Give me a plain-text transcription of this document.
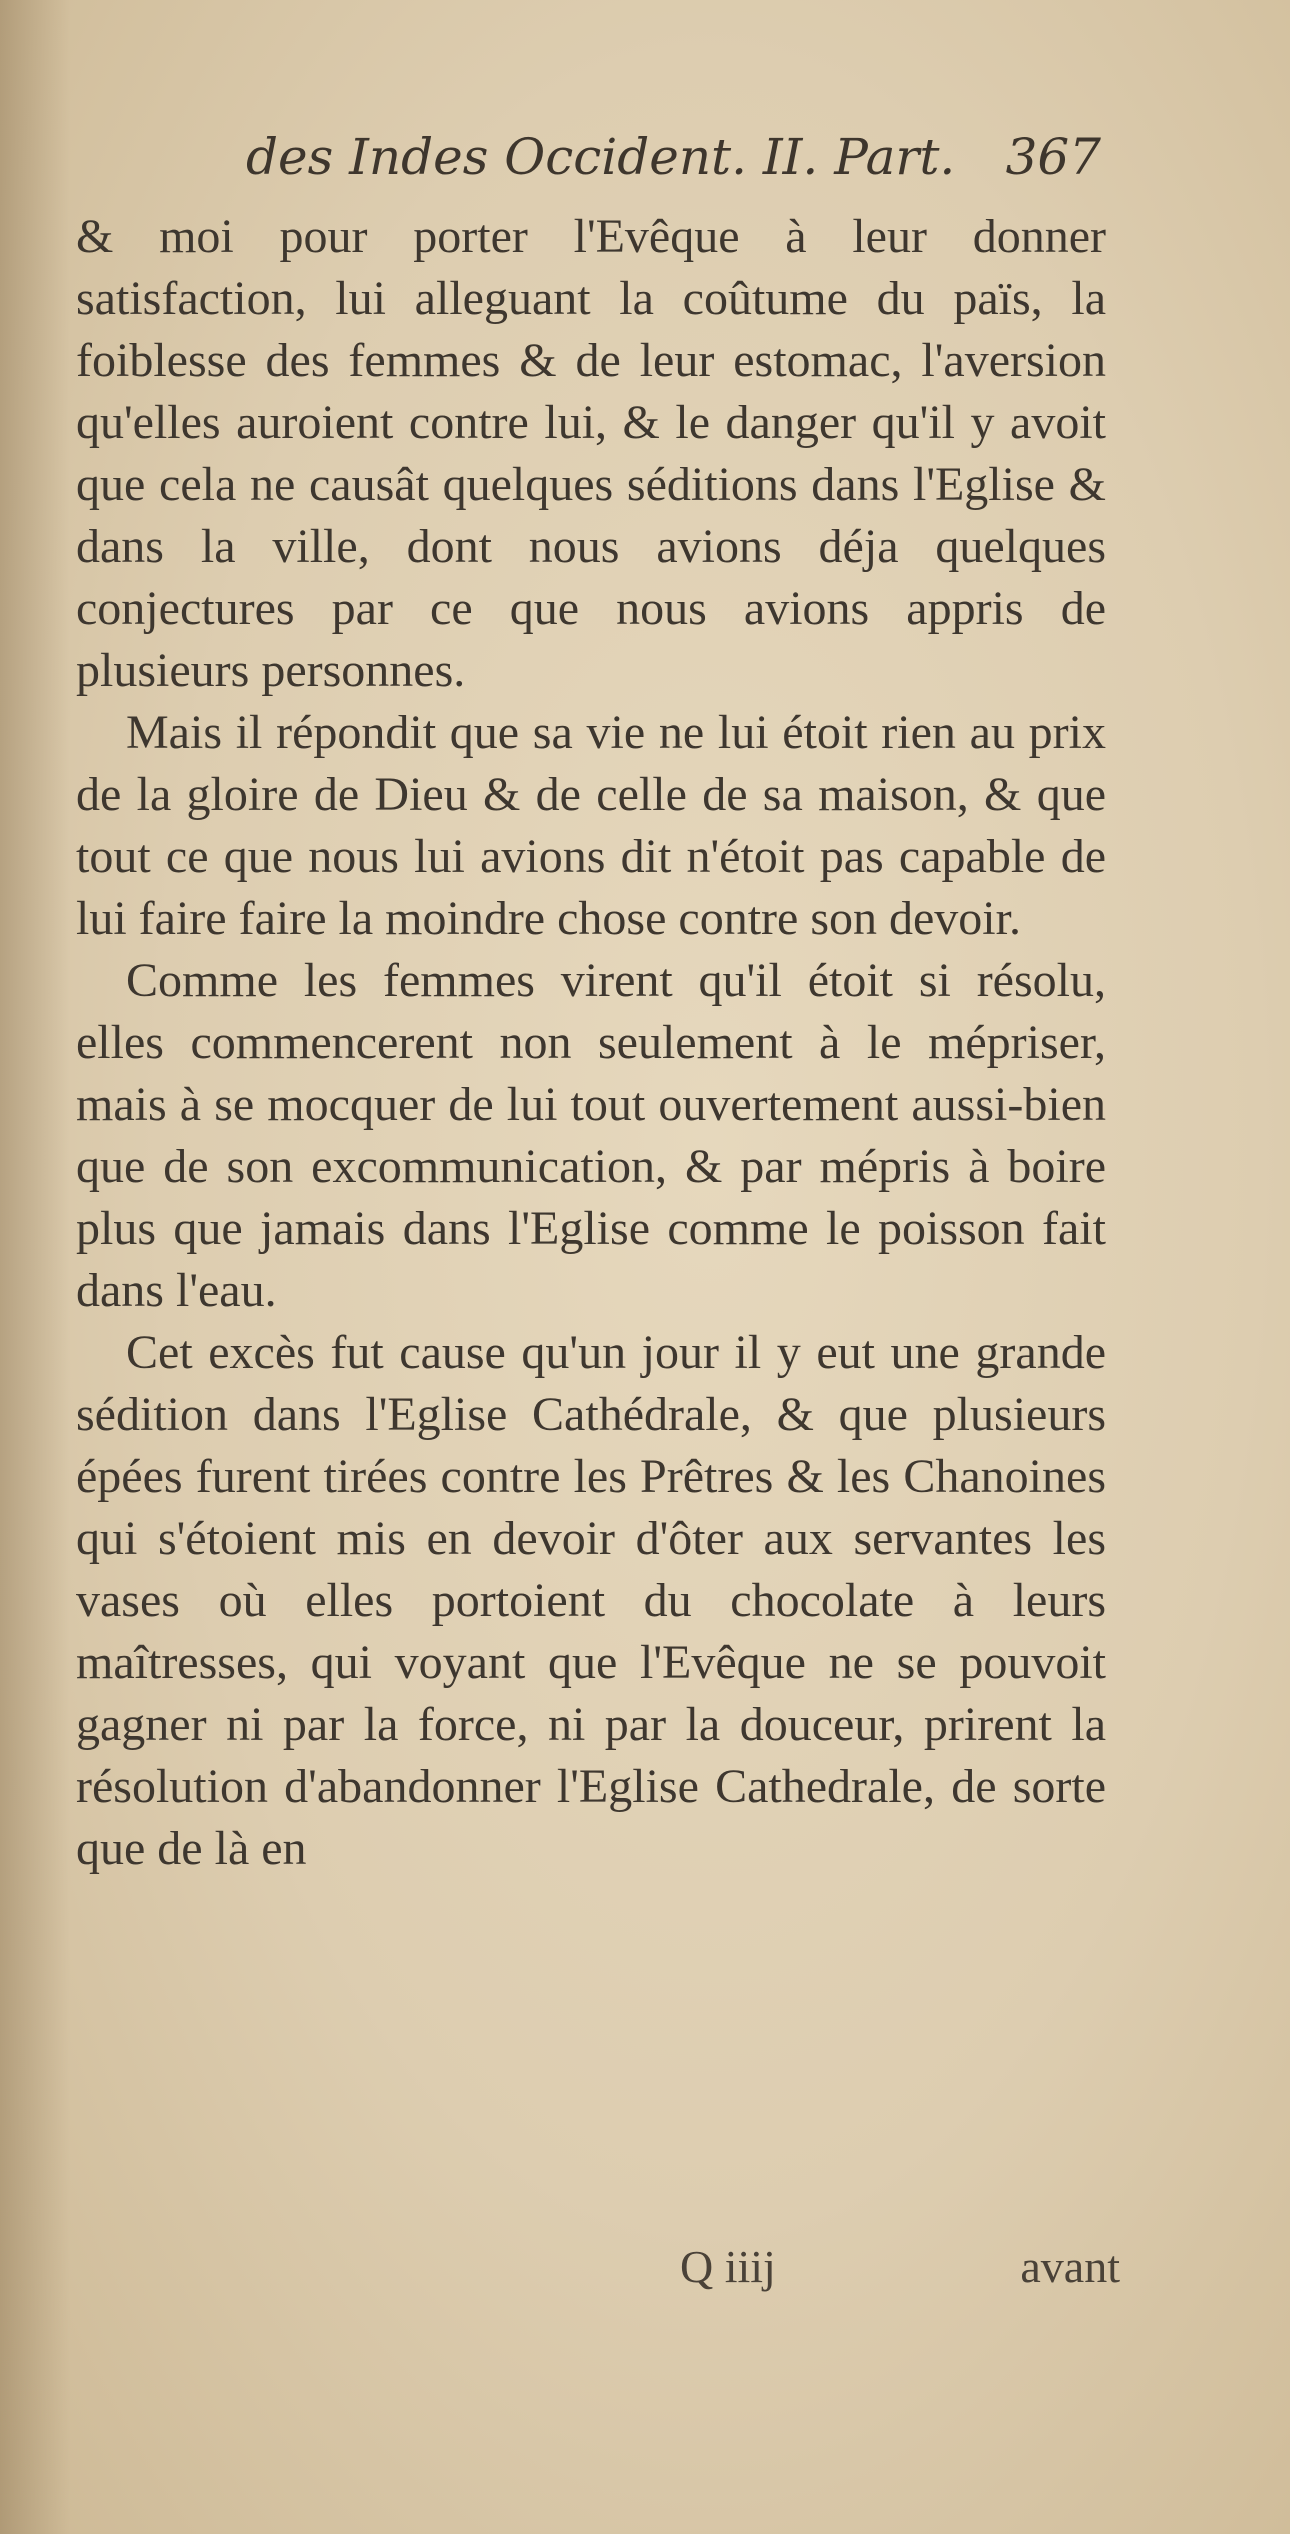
des Indes Occident. II. Part. 367

& moi pour porter l'Evêque à leur donner satisfaction, lui alleguant la coûtume du païs, la foiblesse des femmes & de leur estomac, l'aversion qu'elles auroient contre lui, & le danger qu'il y avoit que cela ne causât quelques séditions dans l'Eglise & dans la ville, dont nous avions déja quelques conjectures par ce que nous avions appris de plusieurs personnes.

Mais il répondit que sa vie ne lui étoit rien au prix de la gloire de Dieu & de celle de sa maison, & que tout ce que nous lui avions dit n'étoit pas capable de lui faire faire la moindre chose contre son devoir.

Comme les femmes virent qu'il étoit si résolu, elles commencerent non seulement à le mépriser, mais à se mocquer de lui tout ouvertement aussi-bien que de son excommunication, & par mépris à boire plus que jamais dans l'Eglise comme le poisson fait dans l'eau.

Cet excès fut cause qu'un jour il y eut une grande sédition dans l'Eglise Cathédrale, & que plusieurs épées furent tirées contre les Prêtres & les Chanoines qui s'étoient mis en devoir d'ôter aux servantes les vases où elles portoient du chocolate à leurs maîtresses, qui voyant que l'Evêque ne se pouvoit gagner ni par la force, ni par la douceur, prirent la résolution d'abandonner l'Eglise Cathedrale, de sorte que de là en

Q iiij	avant
